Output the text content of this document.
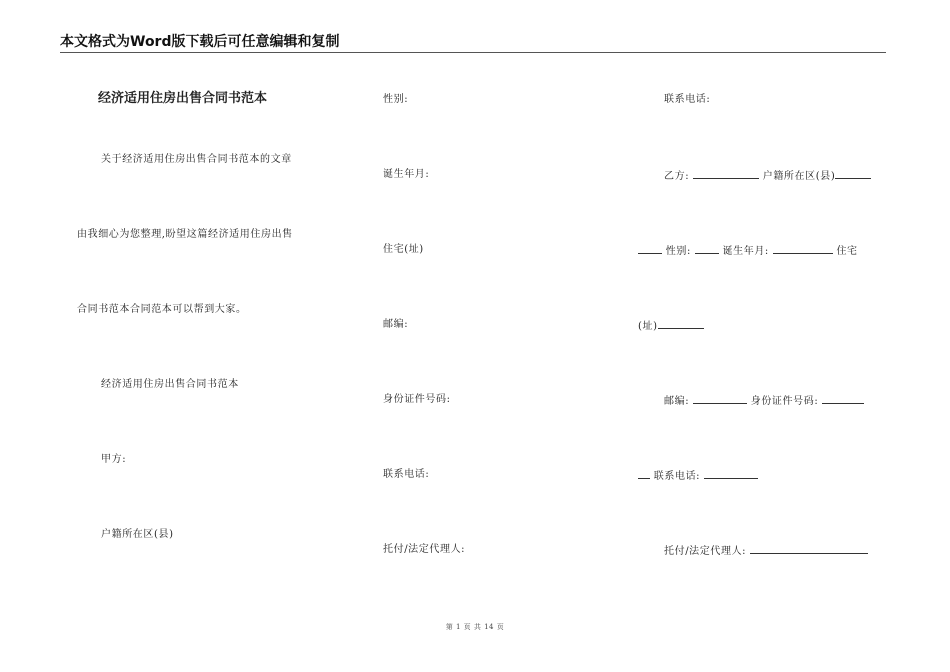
本文格式为Word版下载后可任意编辑和复制
经济适用住房出售合同书范本
关于经济适用住房出售合同书范本的文章
由我细心为您整理,盼望这篇经济适用住房出售
合同书范本合同范本可以帮到大家。
经济适用住房出售合同书范本
甲方:
户籍所在区(县)
性别:
诞生年月:
住宅(址)
邮编:
身份证件号码:
联系电话:
托付/法定代理人:
联系电话:
乙方:	户籍所在区(县)
性别:	诞生年月:	住宅
(址)
邮编:	身份证件号码:
联系电话:
托付/法定代理人:
第 1 页 共 14 页
